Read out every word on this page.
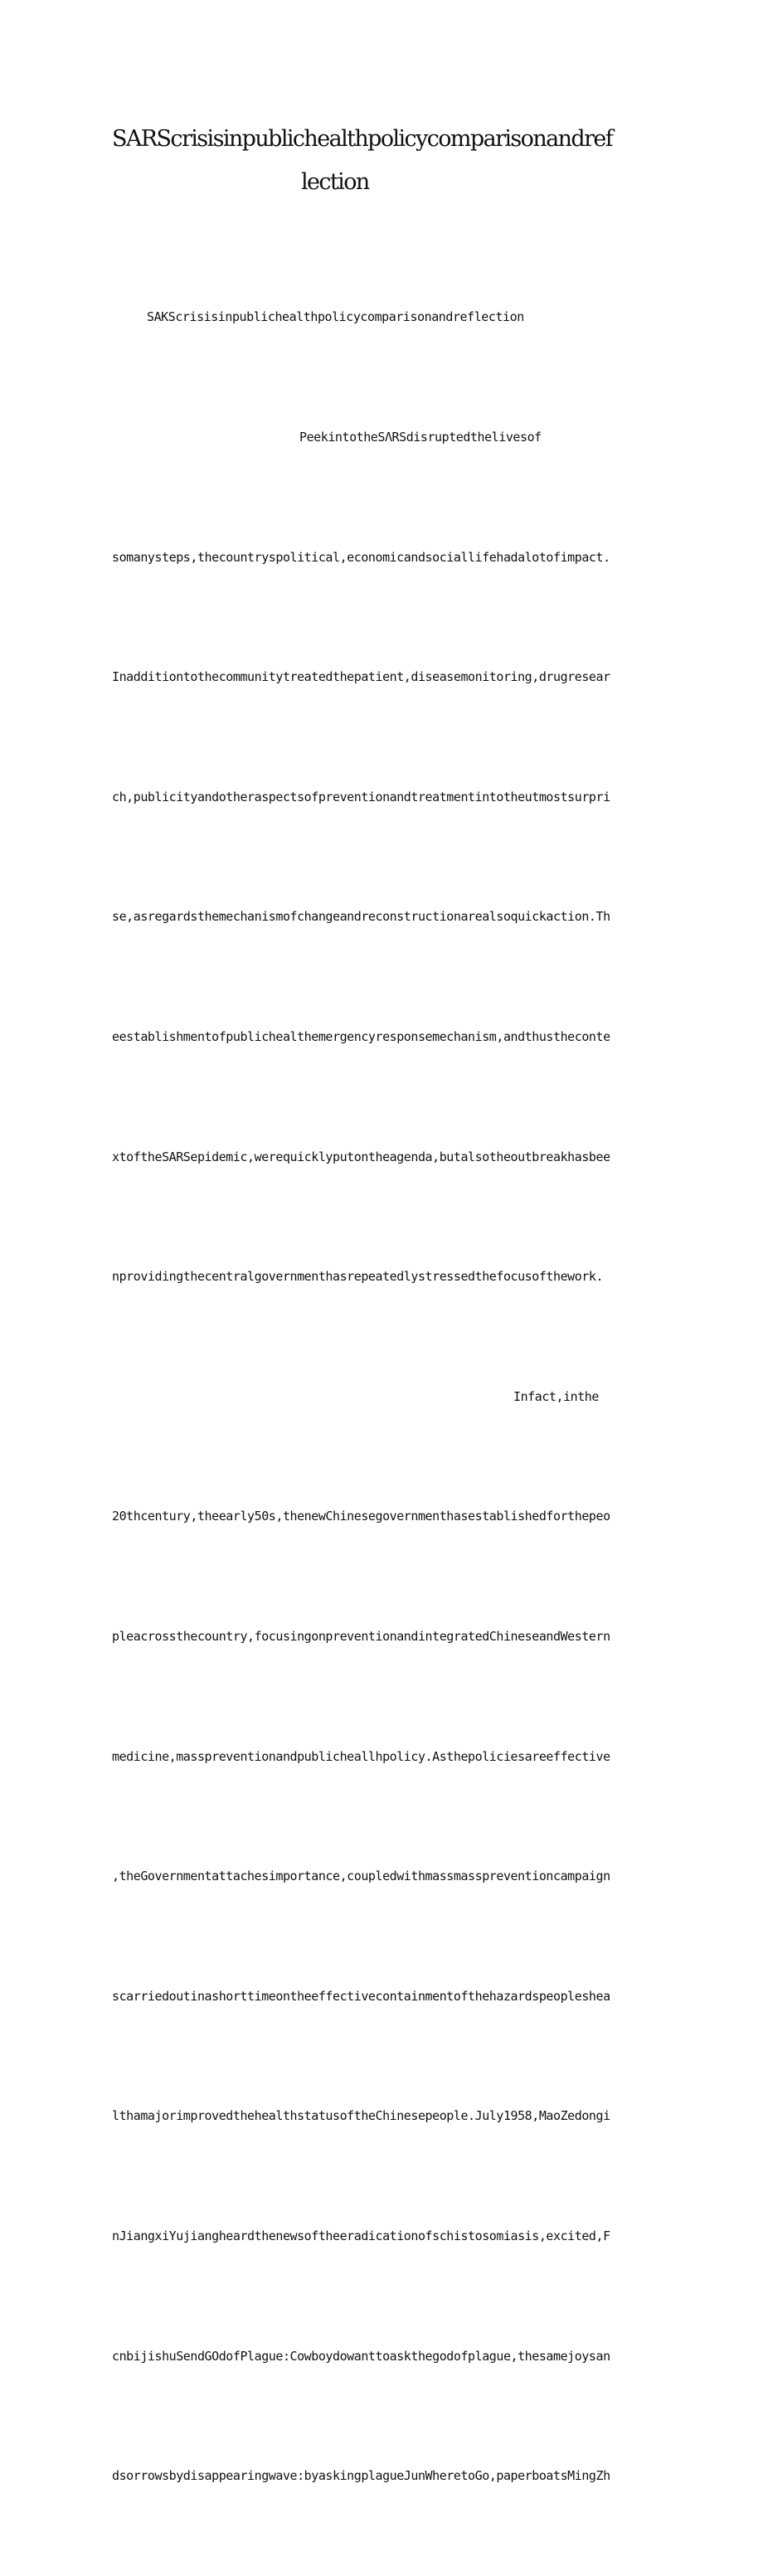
SARScrisisinpublichealthpolicycomparisonandref
lection

SAKScrisisinpublichealthpolicycomparisonandreflection

PeekintotheSΛRSdisruptedthelivesof

somanysteps,thecountryspolitical,economicandsociallifehadalotofimpact.

Inadditiontothecommunitytreatedthepatient,diseasemonitoring,drugresear

ch,publicityandotheraspectsofpreventionandtreatmentintotheutmostsurpri

se,asregardsthemechanismofchangeandreconstructionarealsoquickaction.Th

eestablishmentofpublichealthemergencyresponsemechanism,andthustheconte

xtoftheSARSepidemic,werequicklyputontheagenda,butalsotheoutbreakhasbee

nprovidingthecentralgovernmenthasrepeatedlystressedthefocusofthework.

Infact,inthe

20thcentury,theearly50s,thenewChinesegovernmenthasestablishedforthepeo

pleacrossthecountry,focusingonpreventionandintegratedChineseandWestern

medicine,masspreventionandpublicheallhpolicy.Asthepoliciesareeffective

,theGovernmentattachesimportance,coupledwithmassmasspreventioncampaign

scarriedoutinashorttimeontheeffectivecontainmentofthehazardspeopleshea

lthamajorimprovedthehealthstatusoftheChinesepeople.July1958,MaoZedongi

nJiangxiYujiangheardthenewsoftheeradicationofschistosomiasis,excited,F

cnbijishuSendGOdofPlague:Cowboydowanttoaskthegodofplague,thesamejoysan

dsorrowsbydisappearingwave:byaskingplagueJunWheretoGo,paperboatsMingZh
